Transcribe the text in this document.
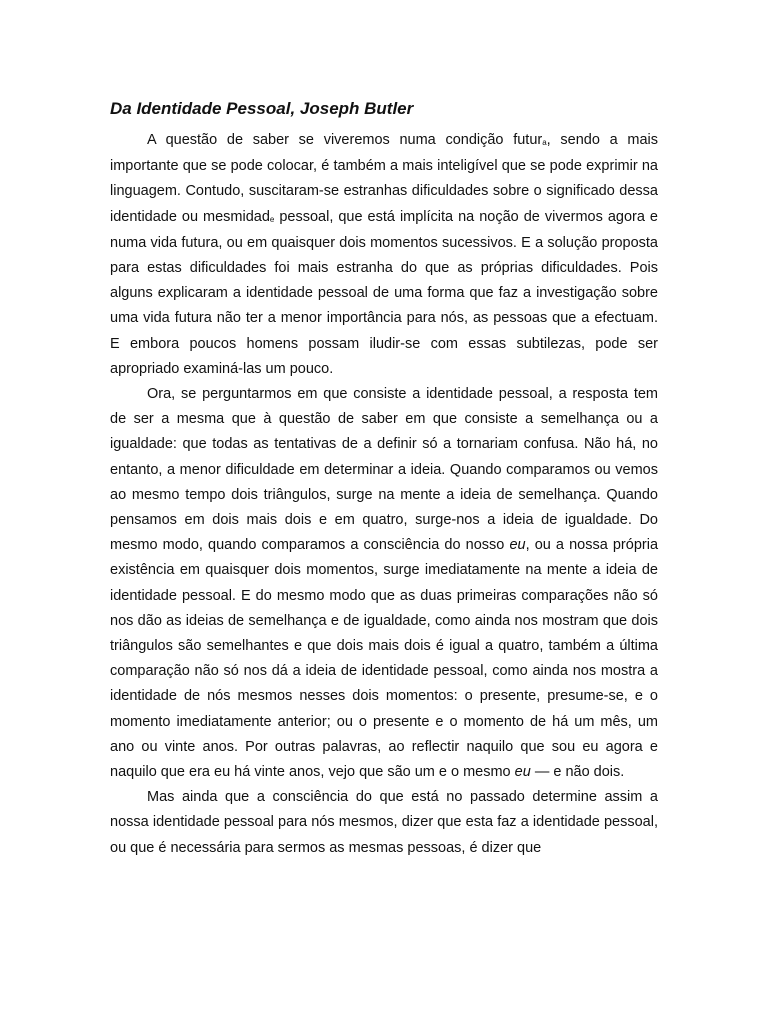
Da Identidade Pessoal, Joseph Butler

A questão de saber se viveremos numa condição futura, sendo a mais importante que se pode colocar, é também a mais inteligível que se pode exprimir na linguagem. Contudo, suscitaram-se estranhas dificuldades sobre o significado dessa identidade ou mesmidade pessoal, que está implícita na noção de vivermos agora e numa vida futura, ou em quaisquer dois momentos sucessivos. E a solução proposta para estas dificuldades foi mais estranha do que as próprias dificuldades. Pois alguns explicaram a identidade pessoal de uma forma que faz a investigação sobre uma vida futura não ter a menor importância para nós, as pessoas que a efectuam. E embora poucos homens possam iludir-se com essas subtilezas, pode ser apropriado examiná-las um pouco.

Ora, se perguntarmos em que consiste a identidade pessoal, a resposta tem de ser a mesma que à questão de saber em que consiste a semelhança ou a igualdade: que todas as tentativas de a definir só a tornariam confusa. Não há, no entanto, a menor dificuldade em determinar a ideia. Quando comparamos ou vemos ao mesmo tempo dois triângulos, surge na mente a ideia de semelhança. Quando pensamos em dois mais dois e em quatro, surge-nos a ideia de igualdade. Do mesmo modo, quando comparamos a consciência do nosso eu, ou a nossa própria existência em quaisquer dois momentos, surge imediatamente na mente a ideia de identidade pessoal. E do mesmo modo que as duas primeiras comparações não só nos dão as ideias de semelhança e de igualdade, como ainda nos mostram que dois triângulos são semelhantes e que dois mais dois é igual a quatro, também a última comparação não só nos dá a ideia de identidade pessoal, como ainda nos mostra a identidade de nós mesmos nesses dois momentos: o presente, presume-se, e o momento imediatamente anterior; ou o presente e o momento de há um mês, um ano ou vinte anos. Por outras palavras, ao reflectir naquilo que sou eu agora e naquilo que era eu há vinte anos, vejo que são um e o mesmo eu — e não dois.

Mas ainda que a consciência do que está no passado determine assim a nossa identidade pessoal para nós mesmos, dizer que esta faz a identidade pessoal, ou que é necessária para sermos as mesmas pessoas, é dizer que
